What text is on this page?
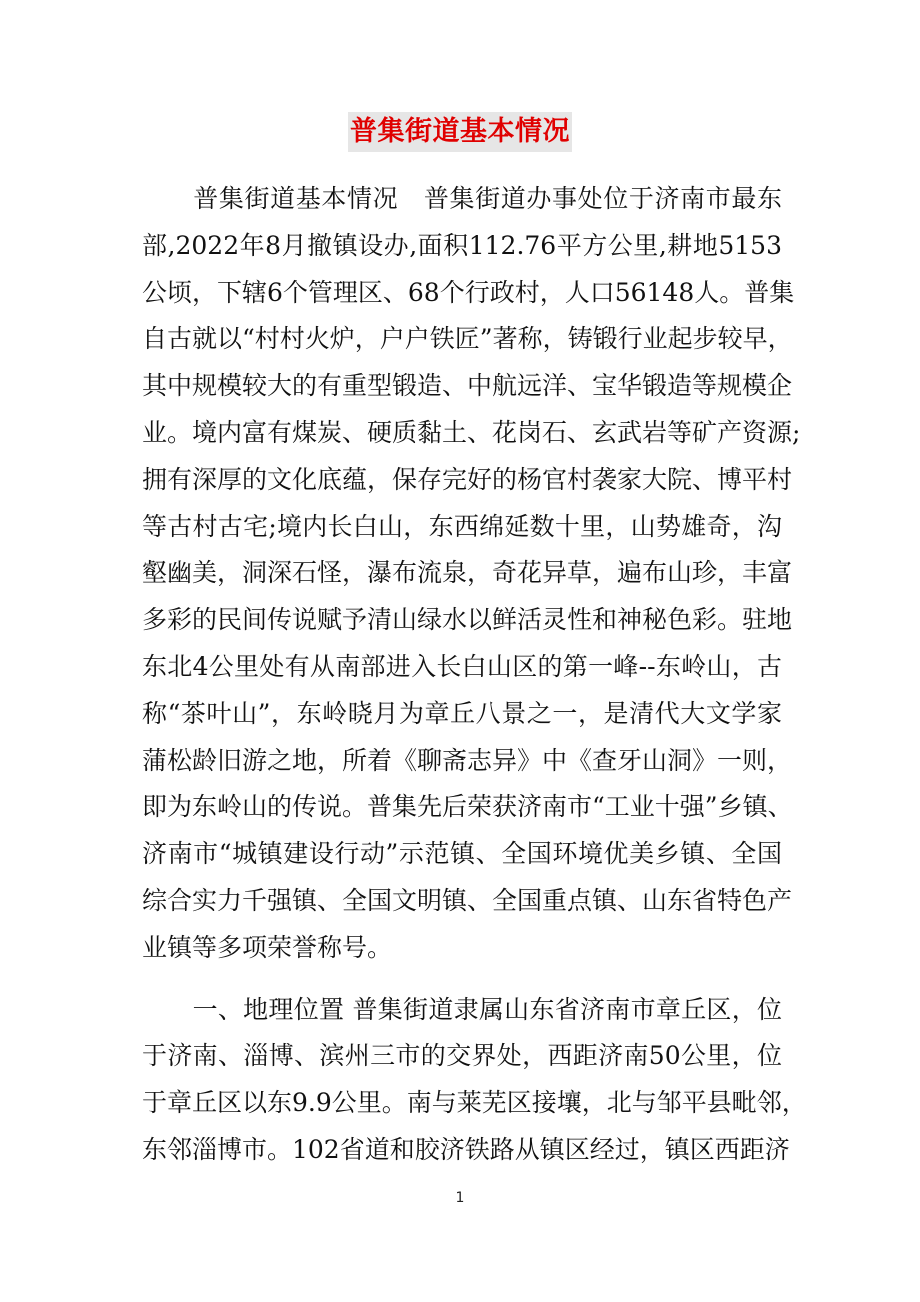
普集街道基本情况
　　普集街道基本情况　普集街道办事处位于济南市最东
部,2022年8月撤镇设办,面积112.76平方公里,耕地5153
公顷，下辖6个管理区、68个行政村，人口56148人。普集
自古就以“村村火炉，户户铁匠”著称，铸锻行业起步较早，
其中规模较大的有重型锻造、中航远洋、宝华锻造等规模企
业。境内富有煤炭、硬质黏土、花岗石、玄武岩等矿产资源;
拥有深厚的文化底蕴，保存完好的杨官村袭家大院、博平村
等古村古宅;境内长白山，东西绵延数十里，山势雄奇，沟
壑幽美，洞深石怪，瀑布流泉，奇花异草，遍布山珍，丰富
多彩的民间传说赋予清山绿水以鲜活灵性和神秘色彩。驻地
东北4公里处有从南部进入长白山区的第一峰--东岭山，古
称“茶叶山”，东岭晓月为章丘八景之一，是清代大文学家
蒲松龄旧游之地，所着《聊斋志异》中《查牙山洞》一则，
即为东岭山的传说。普集先后荣获济南市“工业十强”乡镇、
济南市“城镇建设行动”示范镇、全国环境优美乡镇、全国
综合实力千强镇、全国文明镇、全国重点镇、山东省特色产
业镇等多项荣誉称号。
　　一、地理位置 普集街道隶属山东省济南市章丘区，位
于济南、淄博、滨州三市的交界处，西距济南50公里，位
于章丘区以东9.9公里。南与莱芜区接壤，北与邹平县毗邻，
东邻淄博市。102省道和胶济铁路从镇区经过，镇区西距济
1
